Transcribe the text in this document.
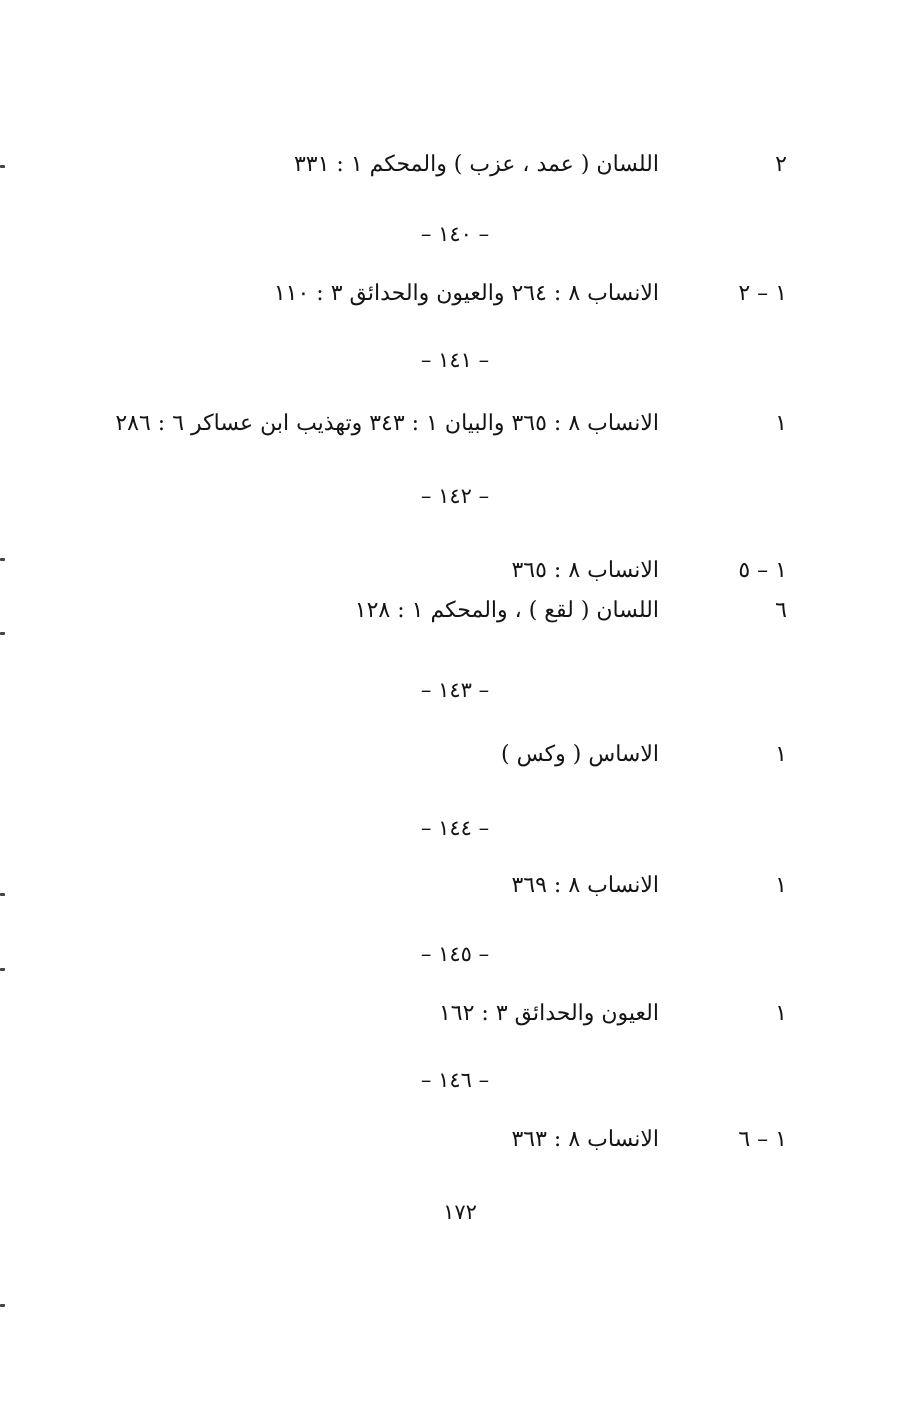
٢
اللسان ( عمد ، عزب ) والمحكم ١ : ٣٣١
– ١٤٠ –
١ – ٢
الانساب ٨ : ٢٦٤ والعيون والحدائق ٣ : ١١٠
– ١٤١ –
١
الانساب ٨ : ٣٦٥ والبيان ١ : ٣٤٣ وتهذيب ابن عساكر ٦ : ٢٨٦
– ١٤٢ –
١ – ٥
الانساب ٨ : ٣٦٥
٦
اللسان ( لقع ) ، والمحكم ١ : ١٢٨
– ١٤٣ –
١
الاساس ( وكس )
– ١٤٤ –
١
الانساب ٨ : ٣٦٩
– ١٤٥ –
١
العيون والحدائق ٣ : ١٦٢
– ١٤٦ –
١ – ٦
الانساب ٨ : ٣٦٣
١٧٢
